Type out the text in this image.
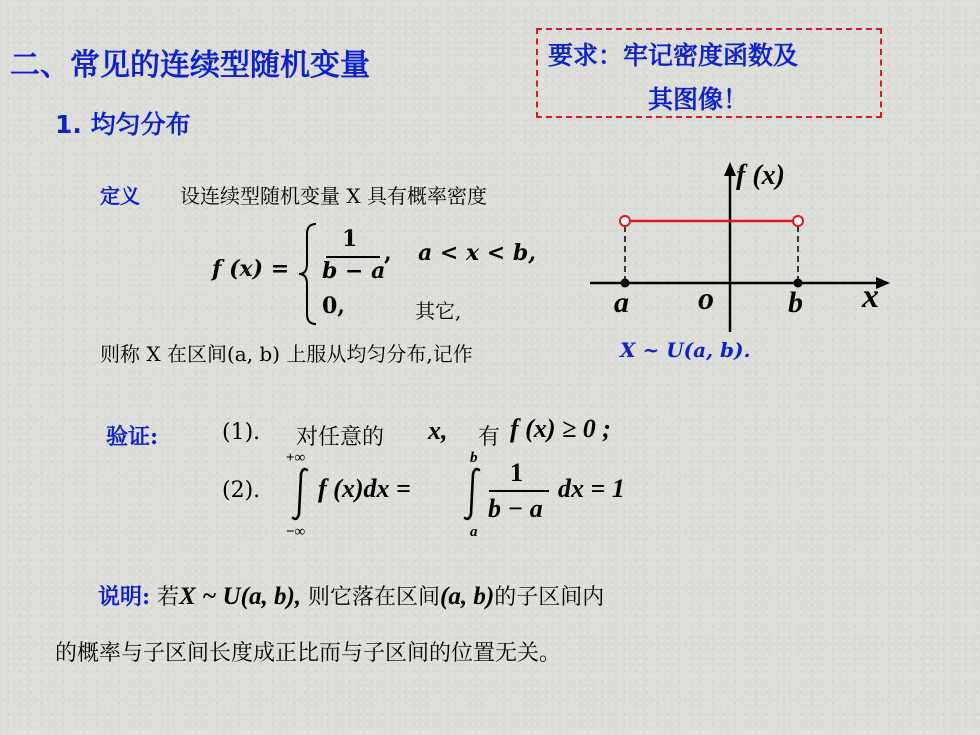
二、常见的连续型随机变量
1. 均匀分布
要求：牢记密度函数及
其图像！
定义 设连续型随机变量 X 具有概率密度
f (x) =
1
b − a
, a < x < b,
0,	其它,
则称 X 在区间(a, b) 上服从均匀分布,记作	X ~ U(a, b).
f (x)
a o b x
验证:	(1). 对任意的 x, 有 f (x) ≥ 0 ;
(2).
+∞
−∞
f (x)dx =
b
a
1
b − a
dx = 1
说明: 若X ~ U(a, b), 则它落在区间(a, b)的子区间内
的概率与子区间长度成正比而与子区间的位置无关。
